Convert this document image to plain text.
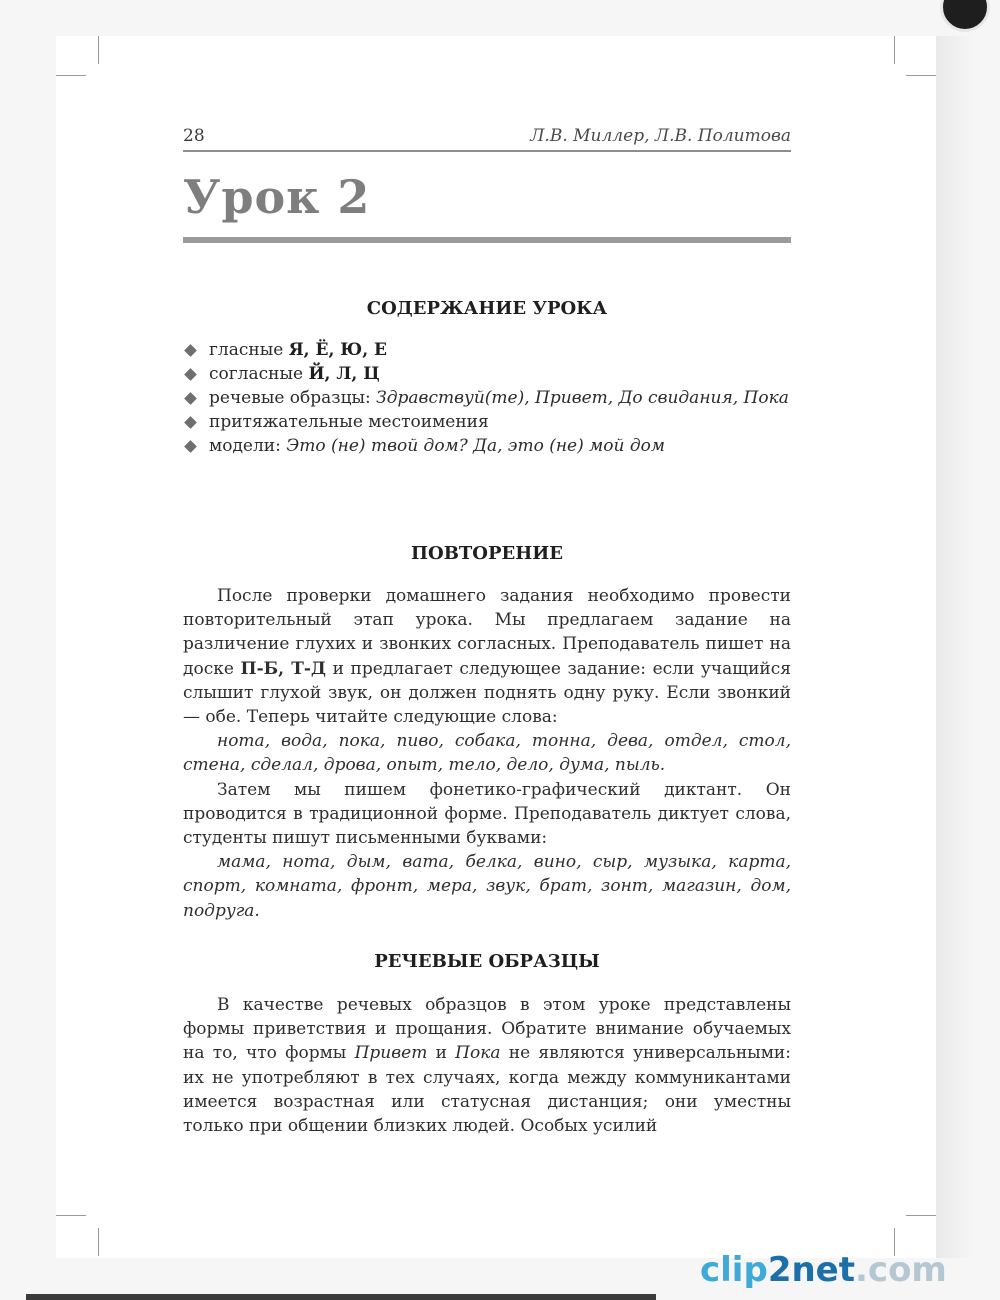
28	Л.В. Миллер, Л.В. Политова
Урок 2
СОДЕРЖАНИЕ УРОКА
гласные Я, Ё, Ю, Е
согласные Й, Л, Ц
речевые образцы: Здравствуй(те), Привет, До свидания, Пока
притяжательные местоимения
модели: Это (не) твой дом? Да, это (не) мой дом
ПОВТОРЕНИЕ
После проверки домашнего задания необходимо провести повторительный этап урока. Мы предлагаем задание на различение глухих и звонких согласных. Преподаватель пишет на доске П-Б, Т-Д и предлагает следующее задание: если учащийся слышит глухой звук, он должен поднять одну руку. Если звонкий — обе. Теперь читайте следующие слова:
нота, вода, пока, пиво, собака, тонна, дева, отдел, стол, стена, сделал, дрова, опыт, тело, дело, дума, пыль.
Затем мы пишем фонетико-графический диктант. Он проводится в традиционной форме. Преподаватель диктует слова, студенты пишут письменными буквами:
мама, нота, дым, вата, белка, вино, сыр, музыка, карта, спорт, комната, фронт, мера, звук, брат, зонт, магазин, дом, подруга.
РЕЧЕВЫЕ ОБРАЗЦЫ
В качестве речевых образцов в этом уроке представлены формы приветствия и прощания. Обратите внимание обучаемых на то, что формы Привет и Пока не являются универсальными: их не употребляют в тех случаях, когда между коммуникантами имеется возрастная или статусная дистанция; они уместны только при общении близких людей. Особых усилий
clip2net.com
